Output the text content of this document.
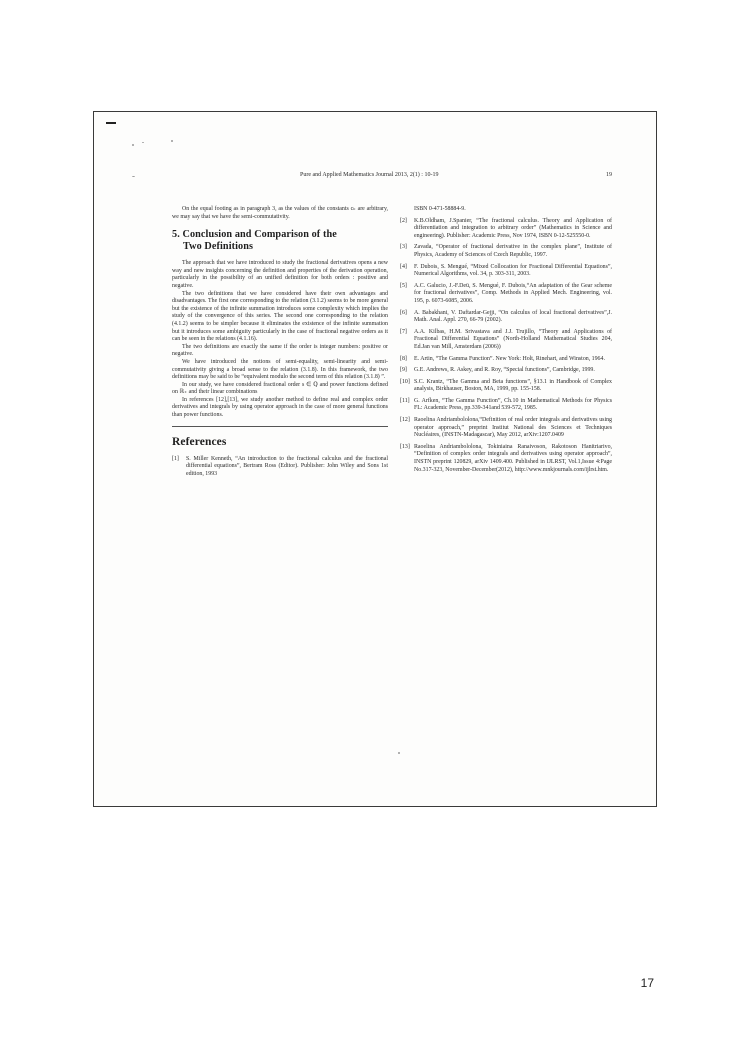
Pure and Applied Mathematics Journal 2013, 2(1) : 10-19	19

On the equal footing as in paragraph 3, as the values of the constants cₖ are arbitrary, we may say that we have the semi-commutativity.

5. Conclusion and Comparison of the
Two Definitions

The approach that we have introduced to study the fractional derivatives opens a new way and new insights concerning the definition and properties of the derivation operation, particularly in the possibility of an unified definition for both orders : positive and negative.

The two definitions that we have considered have their own advantages and disadvantages. The first one corresponding to the relation (3.1.2) seems to be more general but the existence of the infinite summation introduces some complexity which implies the study of the convergence of this series. The second one corresponding to the relation (4.1.2) seems to be simpler because it eliminates the existence of the infinite summation but it introduces some ambiguity particularly in the case of fractional negative orders as it can be seen in the relations (4.1.16).

The two definitions are exactly the same if the order is integer numbers: positive or negative.

We have introduced the notions of semi-equality, semi-linearity and semi-commutativity giving a broad sense to the relation (3.1.8). In this framework, the two definitions may be said to be “equivalent modulo the second term of this relation (3.1.8) ”.

In our study, we have considered fractional order s ∈ ℚ and power functions defined on ℝ₊ and their linear combinations

In references [12],[13], we study another method to define real and complex order derivatives and integrals by using operator approach in the case of more general functions than power functions.

References
[1]	S. Miller Kenneth, “An introduction to the fractional calculus and the fractional differential equations”, Bertram Ross (Editor). Publisher: John Wiley and Sons 1st edition, 1993
ISBN 0-471-58884-9.
[2]	K.B.Oldham, J.Spanier, “The fractional calculus. Theory and Application of differentiation and integration to arbitrary order” (Mathematics in Science and engineering). Publisher: Academic Press, Nov 1974, ISBN 0-12-525550-0.
[3]	Zavada, “Operator of fractional derivative in the complex plane”, Institute of Physics, Academy of Sciences of Czech Republic, 1997.
[4]	F. Dubois, S. Mengué, “Mixed Collocation for Fractional Differential Equations”, Numerical Algorithms, vol. 34, p. 303-311, 2003.
[5]	A.C. Galucio, J.-F.Deü, S. Mengué, F. Dubois,“An adaptation of the Gear scheme for fractional derivatives”, Comp. Methods in Applied Mech. Engineering, vol. 195, p. 6073-6085, 2006.
[6]	A. Babakhani, V. Daftardar-Gejji, “On calculus of local fractional derivatives”,J. Math. Anal. Appl. 270, 66-79 (2002).
[7]	A.A. Kilbas, H.M. Srivastava and J.J. Trujillo, “Theory and Applications of Fractional Differential Equations” (North-Holland Mathematical Studies 204, Ed.Jan van Mill, Amsterdam (2006))
[8]	E. Artin, “The Gamma Function”. New York: Holt, Rinehart, and Winston, 1964.
[9]	G.E. Andrews, R. Askey, and R. Roy, “Special functions”, Cambridge, 1999.
[10] S.C. Krantz, “The Gamma and Beta functions”, §13.1 in Handbook of Complex analysis, Birkhauser, Boston, MA, 1999, pp. 155-158.
[11] G. Arfken, “The Gamma Function”, Ch.10 in Mathematical Methods for Physics FL: Academic Press, pp.339-341and 539-572, 1985.
[12] Raoelina Andriambololona,“Definition of real order integrals and derivatives using operator approach,” preprint Institut National des Sciences et Techniques Nucléaires, (INSTN-Madagascar), May 2012, arXiv:1207.0409
[13] Raoelina Andriambololona, Tokiniaina Ranaivoson, Rakotoson Hanitriarivo, “Definition of complex order integrals and derivatives using operator approach”, INSTN preprint 120829, arXiv 1409.400. Published in IJLRST, Vol.1,Issue 4:Page No.317-323, November-December(2012), http://www.mnkjournals.com/ijlrst.htm.
17
